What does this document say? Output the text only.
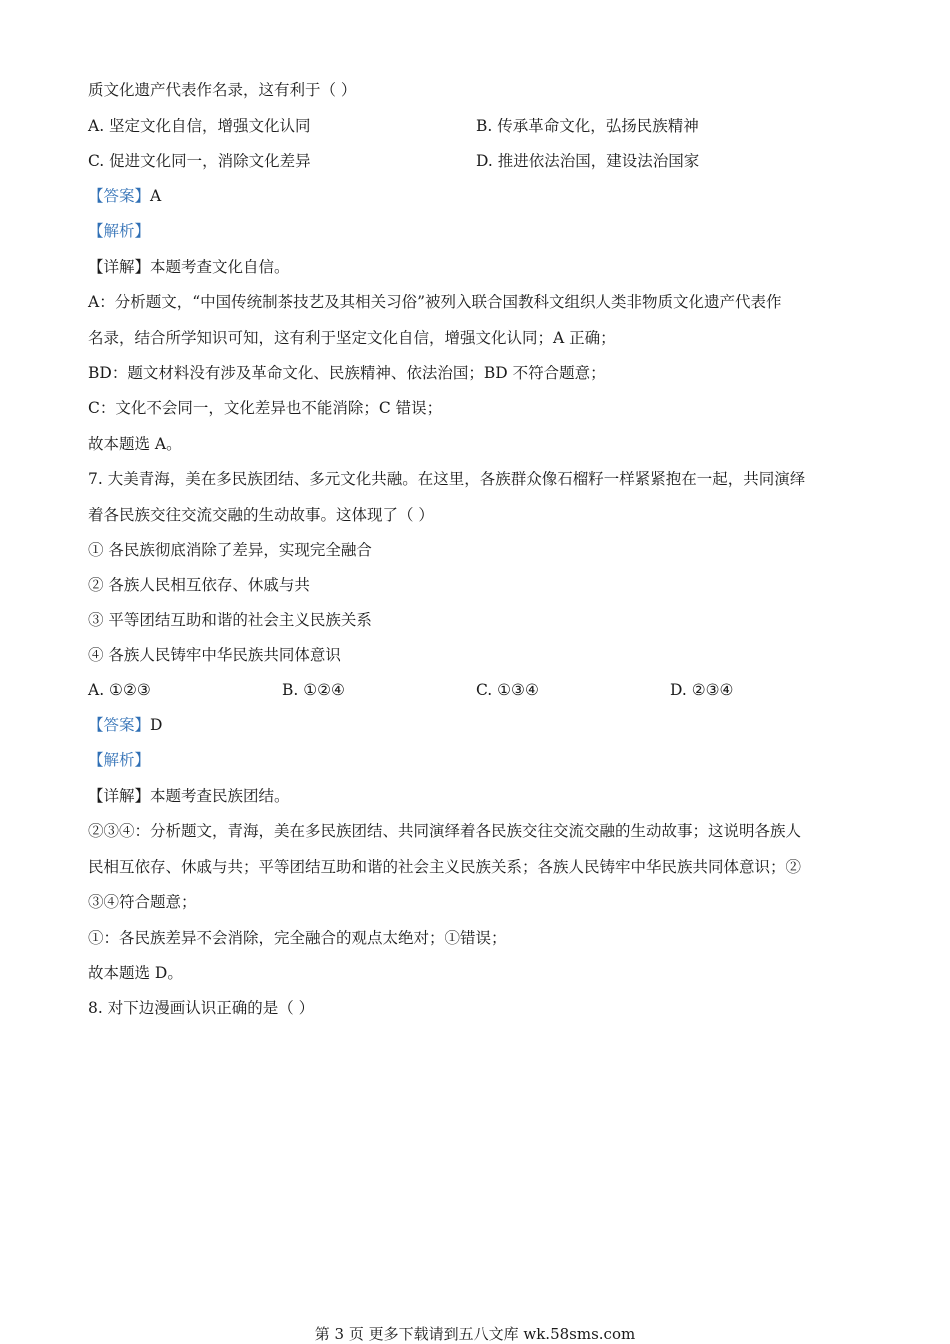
质文化遗产代表作名录，这有利于（ ）
A. 坚定文化自信，增强文化认同	B. 传承革命文化，弘扬民族精神
C. 促进文化同一，消除文化差异	D. 推进依法治国，建设法治国家
【答案】A
【解析】
【详解】本题考查文化自信。
A：分析题文，“中国传统制茶技艺及其相关习俗”被列入联合国教科文组织人类非物质文化遗产代表作
名录，结合所学知识可知，这有利于坚定文化自信，增强文化认同；A 正确；
BD：题文材料没有涉及革命文化、民族精神、依法治国；BD 不符合题意；
C：文化不会同一，文化差异也不能消除；C 错误；
故本题选 A。
7. 大美青海，美在多民族团结、多元文化共融。在这里，各族群众像石榴籽一样紧紧抱在一起，共同演绎
着各民族交往交流交融的生动故事。这体现了（ ）
① 各民族彻底消除了差异，实现完全融合
② 各族人民相互依存、休戚与共
③ 平等团结互助和谐的社会主义民族关系
④ 各族人民铸牢中华民族共同体意识
A. ①②③	B. ①②④	C. ①③④	D. ②③④
【答案】D
【解析】
【详解】本题考查民族团结。
②③④：分析题文，青海，美在多民族团结、共同演绎着各民族交往交流交融的生动故事；这说明各族人
民相互依存、休戚与共；平等团结互助和谐的社会主义民族关系；各族人民铸牢中华民族共同体意识；②
③④符合题意；
①：各民族差异不会消除，完全融合的观点太绝对；①错误；
故本题选 D。
8. 对下边漫画认识正确的是（ ）
第 3 页 更多下载请到五八文库 wk.58sms.com
